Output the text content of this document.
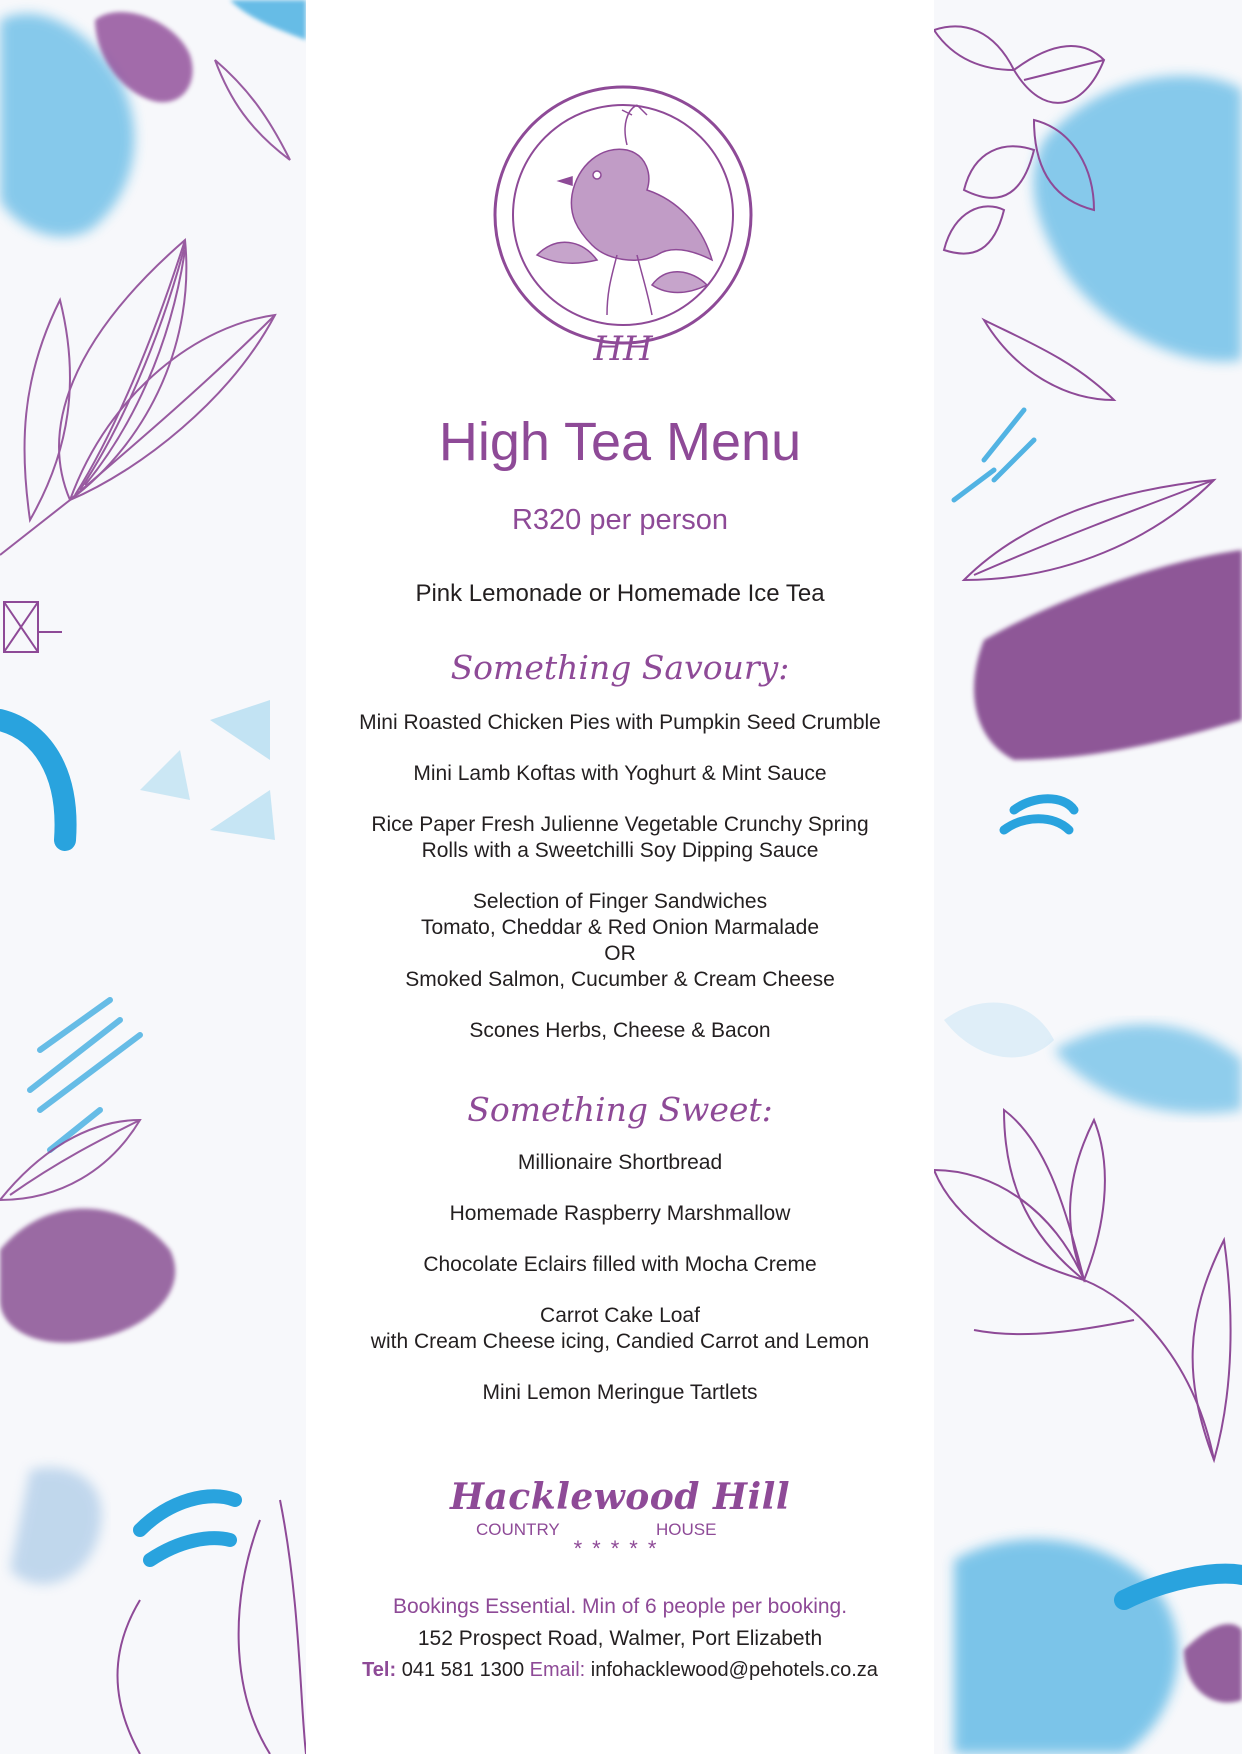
HH
High Tea Menu
R320 per person
Pink Lemonade or Homemade Ice Tea
Something Savoury:
Mini Roasted Chicken Pies with Pumpkin Seed Crumble
Mini Lamb Koftas with Yoghurt & Mint Sauce
Rice Paper Fresh Julienne Vegetable Crunchy Spring
Rolls with a Sweetchilli Soy Dipping Sauce
Selection of Finger Sandwiches
Tomato, Cheddar & Red Onion Marmalade
OR
Smoked Salmon, Cucumber & Cream Cheese
Scones Herbs, Cheese & Bacon
Something Sweet:
Millionaire Shortbread
Homemade Raspberry Marshmallow
Chocolate Eclairs filled with Mocha Creme
Carrot Cake Loaf
with Cream Cheese icing, Candied Carrot and Lemon
Mini Lemon Meringue Tartlets
Hacklewood Hill
COUNTRY	HOUSE
*****
Bookings Essential. Min of 6 people per booking.
152 Prospect Road, Walmer, Port Elizabeth
Tel: 041 581 1300 Email: infohacklewood@pehotels.co.za
